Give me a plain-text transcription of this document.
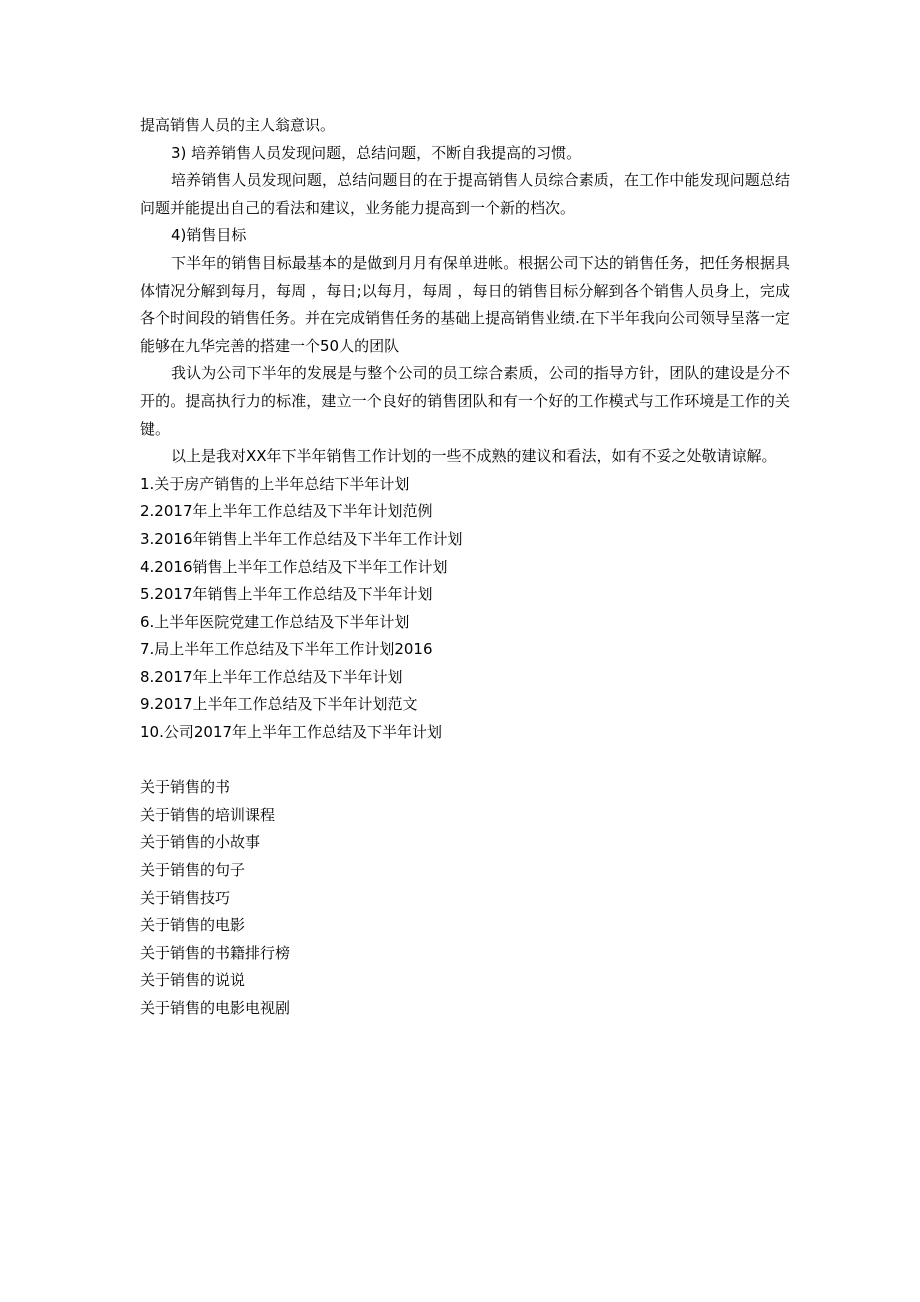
提高销售人员的主人翁意识。

3) 培养销售人员发现问题，总结问题，不断自我提高的习惯。

培养销售人员发现问题，总结问题目的在于提高销售人员综合素质，在工作中能发现问题总结问题并能提出自己的看法和建议，业务能力提高到一个新的档次。

4)销售目标

下半年的销售目标最基本的是做到月月有保单进帐。根据公司下达的销售任务，把任务根据具体情况分解到每月，每周 ，每日;以每月，每周 ，每日的销售目标分解到各个销售人员身上，完成各个时间段的销售任务。并在完成销售任务的基础上提高销售业绩.在下半年我向公司领导呈落一定能够在九华完善的搭建一个50人的团队

我认为公司下半年的发展是与整个公司的员工综合素质，公司的指导方针，团队的建设是分不开的。提高执行力的标准，建立一个良好的销售团队和有一个好的工作模式与工作环境是工作的关键。

以上是我对XX年下半年销售工作计划的一些不成熟的建议和看法，如有不妥之处敬请谅解。

1.关于房产销售的上半年总结下半年计划
2.2017年上半年工作总结及下半年计划范例
3.2016年销售上半年工作总结及下半年工作计划
4.2016销售上半年工作总结及下半年工作计划
5.2017年销售上半年工作总结及下半年计划
6.上半年医院党建工作总结及下半年计划
7.局上半年工作总结及下半年工作计划2016
8.2017年上半年工作总结及下半年计划
9.2017上半年工作总结及下半年计划范文
10.公司2017年上半年工作总结及下半年计划
关于销售的书
关于销售的培训课程
关于销售的小故事
关于销售的句子
关于销售技巧
关于销售的电影
关于销售的书籍排行榜
关于销售的说说
关于销售的电影电视剧
